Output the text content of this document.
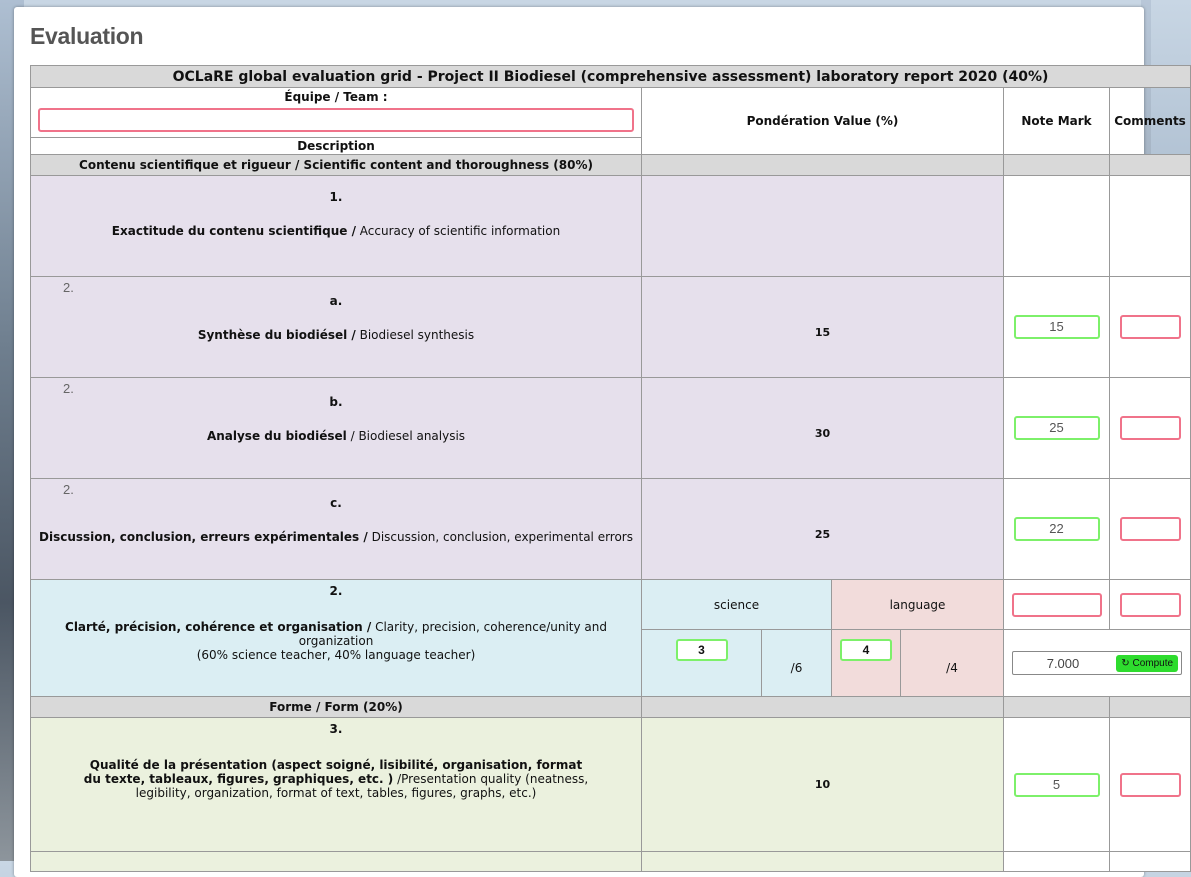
Evaluation
OCLaRE global evaluation grid - Project II Biodiesel (comprehensive assessment) laboratory report 2020 (40%)						

Équipe / Team :	Pondération Value (%)				Note Mark	Comments
Description						
Contenu scientifique et rigueur / Scientific content and thoroughness (80%)						

1.
Exactitude du contenu scientifique / Accuracy of scientific information						

2.
a.
Synthèse du biodiésel / Biodiesel synthesis	15				15	

2.
b.
Analyse du biodiésel / Biodiesel analysis	30				25	

2.
c.
Discussion, conclusion, erreurs expérimentales / Discussion, conclusion, experimental errors	25				22	

2.
Clarté, précision, cohérence et organisation / Clarity, precision, coherence/unity and organization
(60% science teacher, 40% language teacher)	science		language		

	3	/6	4	/4	7.000 ↻ Compute	

Forme / Form (20%)						

3.
Qualité de la présentation (aspect soigné, lisibilité, organisation, format du texte, tableaux, figures, graphiques, etc. ) /Presentation quality (neatness, legibility, organization, format of text, tables, figures, graphs, etc.)	10				5	
